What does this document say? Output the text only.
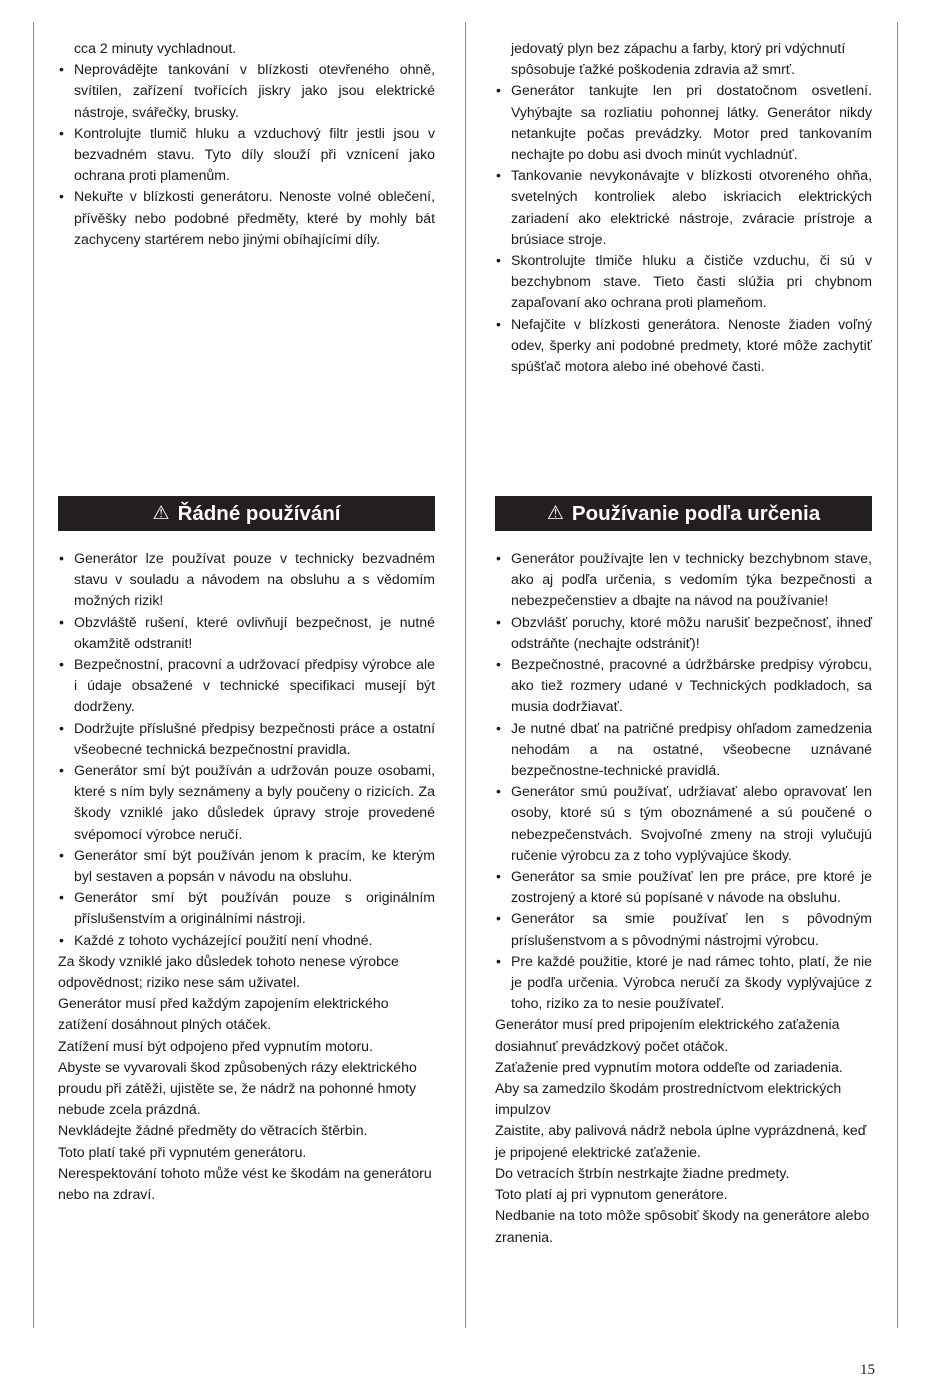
cca 2 minuty vychladnout.

• Neprovádějte tankování v blízkosti otevřeného ohně, svítilen, zařízení tvořících jiskry jako jsou elektrické nástroje, svářečky, brusky.
• Kontrolujte tlumič hluku a vzduchový filtr jestli jsou v bezvadném stavu. Tyto díly slouží při vznícení jako ochrana proti plamenům.
• Nekuřte v blízkosti generátoru. Nenoste volné oblečení, přívěšky nebo podobné předměty, které by mohly bát zachyceny startérem nebo jinými obíhajícími díly.

jedovatý plyn bez zápachu a farby, ktorý pri vdýchnutí spôsobuje ťažké poškodenia zdravia až smrť.

• Generátor tankujte len pri dostatočnom osvetlení. Vyhýbajte sa rozliatiu pohonnej látky. Generátor nikdy netankujte počas prevádzky. Motor pred tankovaním nechajte po dobu asi dvoch minút vychladnúť.
• Tankovanie nevykonávajte v blízkosti otvoreného ohňa, svetelných kontroliek alebo iskriacich elektrických zariadení ako elektrické nástroje, zváracie prístroje a brúsiace stroje.
• Skontrolujte tlmiče hluku a čističe vzduchu, či sú v bezchybnom stave. Tieto časti slúžia pri chybnom zapaľovaní ako ochrana proti plameňom.
• Nefajčite v blízkosti generátora. Nenoste žiaden voľný odev, šperky ani podobné predmety, ktoré môže zachytiť spúšťač motora alebo iné obehové časti.
⚠ Řádné používání	⚠ Používanie podľa určenia
• Generátor lze používat pouze v technicky bezvadném stavu v souladu a návodem na obsluhu a s vědomím možných rizik!
• Obzvláště rušení, které ovlivňují bezpečnost, je nutné okamžitě odstranit!
• Bezpečnostní, pracovní a udržovací předpisy výrobce ale i údaje obsažené v technické specifikaci musejí být dodrženy.
• Dodržujte příslušné předpisy bezpečnosti práce a ostatní všeobecné technická bezpečnostní pravidla.
• Generátor smí být používán a udržován pouze osobami, které s ním byly seznámeny a byly poučeny o rizicích. Za škody vzniklé jako důsledek úpravy stroje provedené svépomocí výrobce neručí.
• Generátor smí být používán jenom k pracím, ke kterým byl sestaven a popsán v návodu na obsluhu.
• Generátor smí být používán pouze s originálním příslušenstvím a originálními nástroji.
• Každé z tohoto vycházející použití není vhodné.

Za škody vzniklé jako důsledek tohoto nenese výrobce odpovědnost; riziko nese sám uživatel.

Generátor musí před každým zapojením elektrického zatížení dosáhnout plných otáček.

Zatížení musí být odpojeno před vypnutím motoru.

Abyste se vyvarovali škod způsobených rázy elektrického proudu při zátěži, ujistěte se, že nádrž na pohonné hmoty nebude zcela prázdná.

Nevkládejte žádné předměty do větracích štěrbin.

Toto platí také při vypnutém generátoru.

Nerespektování tohoto může vést ke škodám na generátoru nebo na zdraví.

• Generátor používajte len v technicky bezchybnom stave, ako aj podľa určenia, s vedomím týka bezpečnosti a nebezpečenstiev a dbajte na návod na používanie!
• Obzvlášť poruchy, ktoré môžu narušiť bezpečnosť, ihneď odstráňte (nechajte odstrániť)!
• Bezpečnostné, pracovné a údržbárske predpisy výrobcu, ako tiež rozmery udané v Technických podkladoch, sa musia dodržiavať.
• Je nutné dbať na patričné predpisy ohľadom zamedzenia nehodám a na ostatné, všeobecne uznávané bezpečnostne-technické pravidlá.
• Generátor smú používať, udržiavať alebo opravovať len osoby, ktoré sú s tým oboznámené a sú poučené o nebezpečenstvách. Svojvoľné zmeny na stroji vylučujú ručenie výrobcu za z toho vyplývajúce škody.
• Generátor sa smie používať len pre práce, pre ktoré je zostrojený a ktoré sú popísané v návode na obsluhu.
• Generátor sa smie používať len s pôvodným príslušenstvom a s pôvodnými nástrojmi výrobcu.
• Pre každé použitie, ktoré je nad rámec tohto, platí, že nie je podľa určenia. Výrobca neručí za škody vyplývajúce z toho, riziko za to nesie používateľ.

Generátor musí pred pripojením elektrického zaťaženia dosiahnuť prevádzkový počet otáčok.

Zaťaženie pred vypnutím motora oddeľte od zariadenia.

Aby sa zamedzilo škodám prostredníctvom elektrických impulzov

Zaistite, aby palivová nádrž nebola úplne vyprázdnená, keď je pripojené elektrické zaťaženie.

Do vetracích štrbín nestrkajte žiadne predmety.

Toto platí aj pri vypnutom generátore.

Nedbanie na toto môže spôsobiť škody na generátore alebo zranenia.

15
